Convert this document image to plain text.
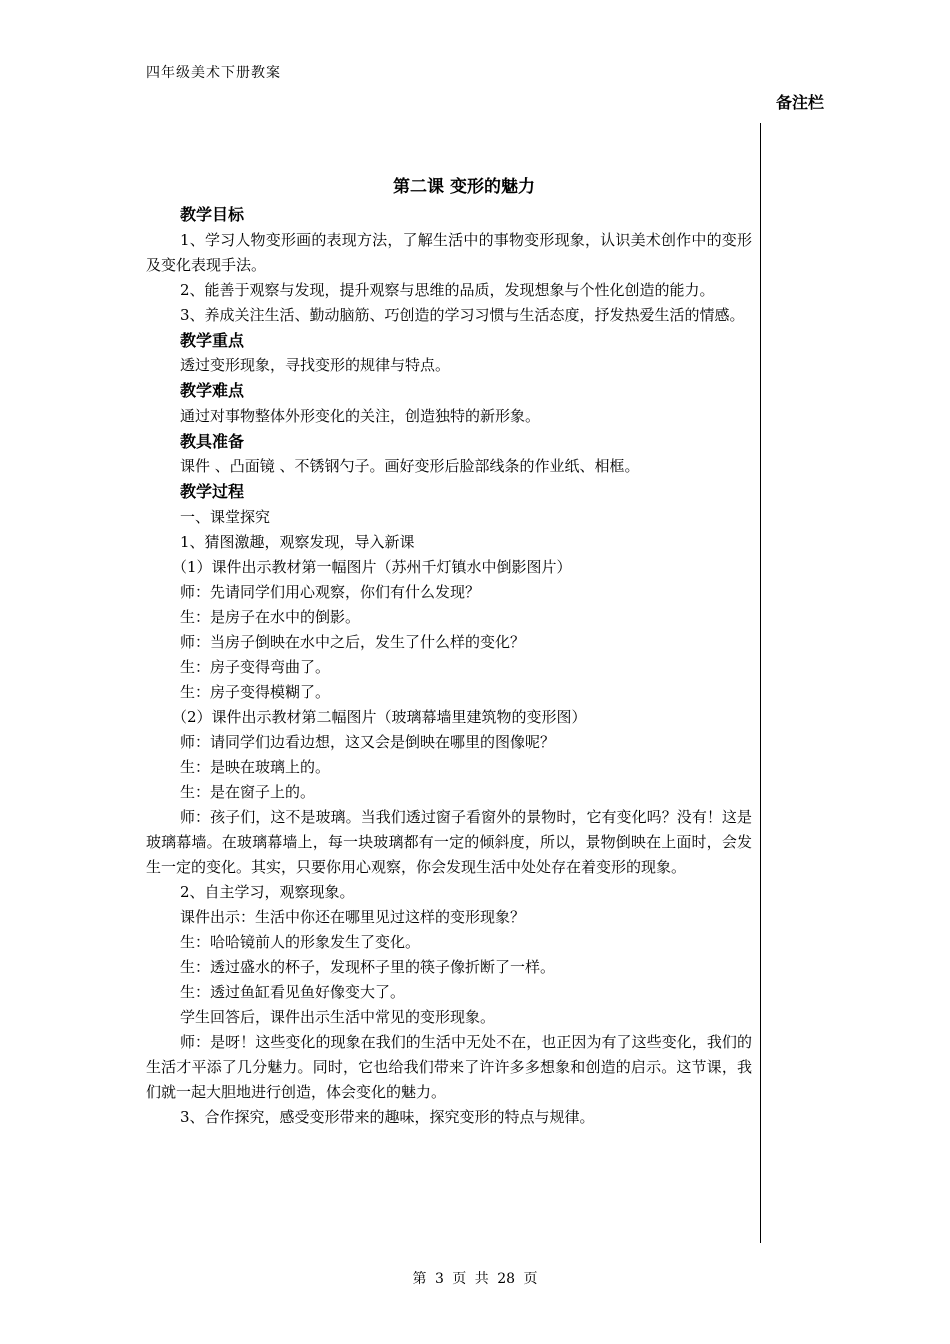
四年级美术下册教案
备注栏
第二课 变形的魅力
教学目标

1、学习人物变形画的表现方法，了解生活中的事物变形现象，认识美术创作中的变形及变化表现手法。

2、能善于观察与发现，提升观察与思维的品质，发现想象与个性化创造的能力。

3、养成关注生活、勤动脑筋、巧创造的学习习惯与生活态度，抒发热爱生活的情感。

教学重点

透过变形现象，寻找变形的规律与特点。

教学难点

通过对事物整体外形变化的关注，创造独特的新形象。

教具准备

课件 、凸面镜 、不锈钢勺子。画好变形后脸部线条的作业纸、相框。

教学过程

一、课堂探究

1、猜图激趣，观察发现，导入新课

（1）课件出示教材第一幅图片（苏州千灯镇水中倒影图片）

师：先请同学们用心观察，你们有什么发现？

生：是房子在水中的倒影。

师：当房子倒映在水中之后，发生了什么样的变化？

生：房子变得弯曲了。

生：房子变得模糊了。

（2）课件出示教材第二幅图片（玻璃幕墙里建筑物的变形图）

师：请同学们边看边想，这又会是倒映在哪里的图像呢？

生：是映在玻璃上的。

生：是在窗子上的。

师：孩子们，这不是玻璃。当我们透过窗子看窗外的景物时，它有变化吗？没有！这是玻璃幕墙。在玻璃幕墙上，每一块玻璃都有一定的倾斜度，所以，景物倒映在上面时，会发生一定的变化。其实，只要你用心观察，你会发现生活中处处存在着变形的现象。

2、自主学习，观察现象。

课件出示：生活中你还在哪里见过这样的变形现象？

生：哈哈镜前人的形象发生了变化。

生：透过盛水的杯子，发现杯子里的筷子像折断了一样。

生：透过鱼缸看见鱼好像变大了。

学生回答后，课件出示生活中常见的变形现象。

师：是呀！这些变化的现象在我们的生活中无处不在，也正因为有了这些变化，我们的生活才平添了几分魅力。同时，它也给我们带来了许许多多想象和创造的启示。这节课，我们就一起大胆地进行创造，体会变化的魅力。

3、合作探究，感受变形带来的趣味，探究变形的特点与规律。

第 3 页 共 28 页
